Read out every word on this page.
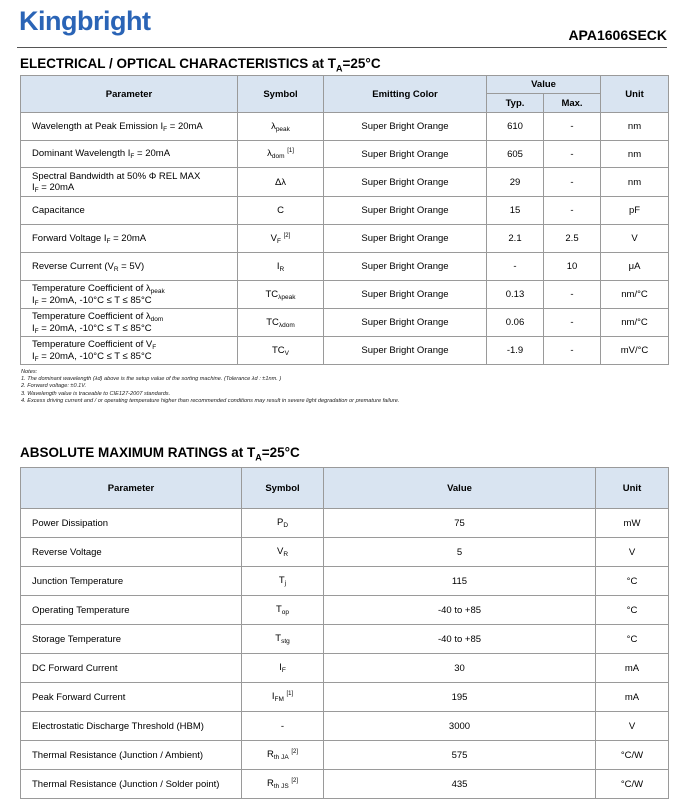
Kingbright	APA1606SECK
ELECTRICAL / OPTICAL CHARACTERISTICS at $T_A=25^\circ C$
Parameter	Symbol	Emitting Color	Value		Unit
			Typ.	Max.	

Wavelength at Peak Emission $I_F = 20mA$	$\lambda_{peak}$	Super Bright Orange	610	-	nm

Dominant Wavelength $I_F = 20mA$	$\lambda_{dom}$ [1]	Super Bright Orange	605	-	nm

Spectral Bandwidth at 50% Φ REL MAX
$I_F = 20mA$	Δλ	Super Bright Orange	29	-	nm

Capacitance	C	Super Bright Orange	15	-	pF

Forward Voltage $I_F = 20mA$	$V_F$ [2]	Super Bright Orange	2.1	2.5	V

Reverse Current $(V_R = 5V)$	$I_R$	Super Bright Orange	-	10	μA

Temperature Coefficient of $\lambda_{peak}$
$I_F = 20mA$, -10°C ≤ T ≤ 85°C	$TC_{\lambda peak}$	Super Bright Orange	0.13	-	nm/°C

Temperature Coefficient of $\lambda_{dom}$
$I_F = 20mA$, -10°C ≤ T ≤ 85°C	$TC_{\lambda dom}$	Super Bright Orange	0.06	-	nm/°C

Temperature Coefficient of $V_F$
$I_F = 20mA$, -10°C ≤ T ≤ 85°C	$TC_V$	Super Bright Orange	-1.9	-	mV/°C
Notes:
1. The dominant wavelength (λd) above is the setup value of the sorting machine. (Tolerance λd : ±1nm. )
2. Forward voltage: ±0.1V.
3. Wavelength value is traceable to CIE127-2007 standards.
4. Excess driving current and / or operating temperature higher than recommended conditions may result in severe light degradation or premature failure.
ABSOLUTE MAXIMUM RATINGS at $T_A=25^\circ C$
Parameter	Symbol	Value	Unit
Power Dissipation	$P_D$	75	mW
Reverse Voltage	$V_R$	5	V
Junction Temperature	$T_j$	115	°C
Operating Temperature	$T_{op}$	-40 to +85	°C
Storage Temperature	$T_{stg}$	-40 to +85	°C
DC Forward Current	$I_F$	30	mA
Peak Forward Current	$I_{FM}$ [1]	195	mA
Electrostatic Discharge Threshold (HBM)	-	3000	V
Thermal Resistance (Junction / Ambient)	$R_{th JA}$ [2]	575	°C/W
Thermal Resistance (Junction / Solder point)	$R_{th JS}$ [2]	435	°C/W
